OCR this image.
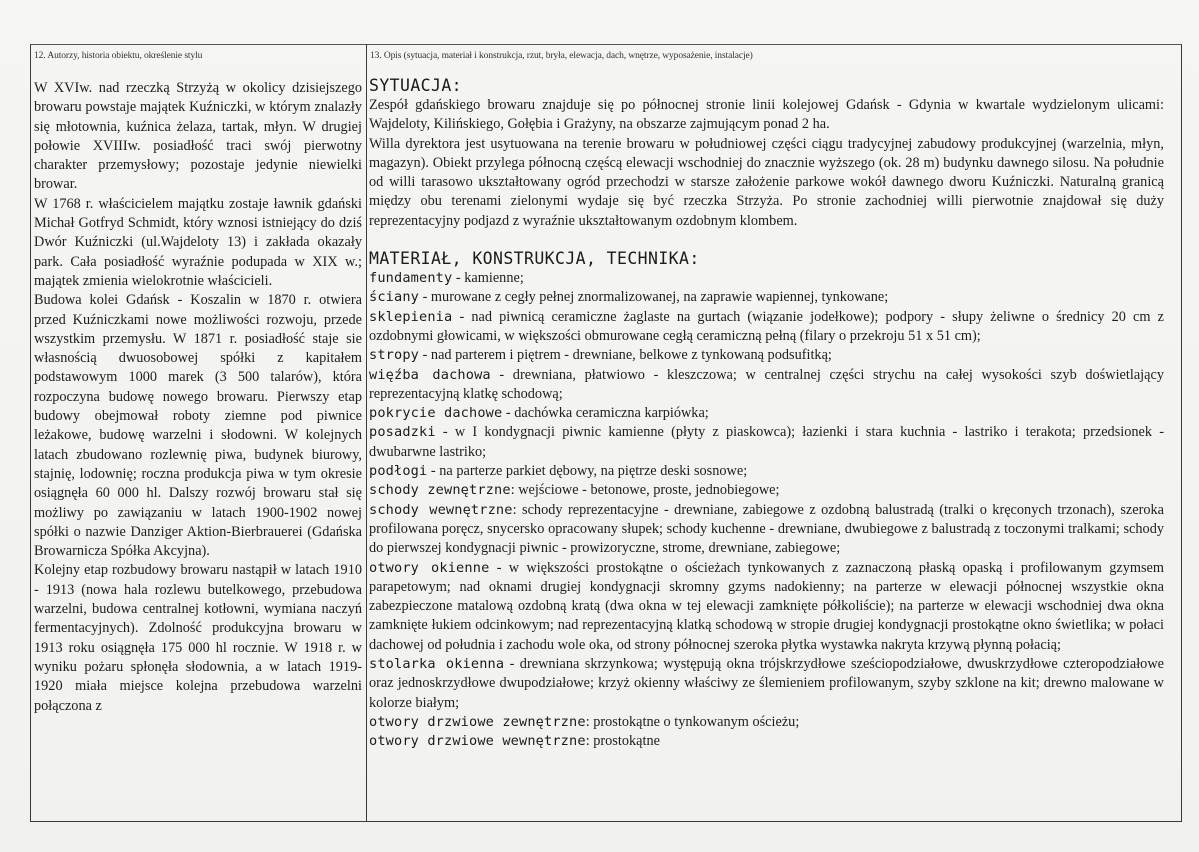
12. Autorzy, historia obiektu, określenie stylu	13. Opis (sytuacja, materiał i konstrukcja, rzut, bryła, elewacja, dach, wnętrze, wyposażenie, instalacje)

W XVIw. nad rzeczką Strzyżą w okolicy dzisiejszego browaru powstaje majątek Kuźniczki, w którym znalazły się młotownia, kuźnica żelaza, tartak, młyn. W drugiej połowie XVIIIw. posiadłość traci swój pierwotny charakter przemysłowy; pozostaje jedynie niewielki browar.

W 1768 r. właścicielem majątku zostaje ławnik gdański Michał Gotfryd Schmidt, który wznosi istniejący do dziś Dwór Kuźniczki (ul.Wajdeloty 13) i zakłada okazały park. Cała posiadłość wyraźnie podupada w XIX w.; majątek zmienia wielokrotnie właścicieli.

Budowa kolei Gdańsk - Koszalin w 1870 r. otwiera przed Kuźniczkami nowe możliwości rozwoju, przede wszystkim przemysłu. W 1871 r. posiadłość staje sie własnością dwuosobowej spółki z kapitałem podstawowym 1000 marek (3 500 talarów), która rozpoczyna budowę nowego browaru. Pierwszy etap budowy obejmował roboty ziemne pod piwnice leżakowe, budowę warzelni i słodowni. W kolejnych latach zbudowano rozlewnię piwa, budynek biurowy, stajnię, lodownię; roczna produkcja piwa w tym okresie osiągnęła 60 000 hl. Dalszy rozwój browaru stał się możliwy po zawiązaniu w latach 1900-1902 nowej spółki o nazwie Danziger Aktion-Bierbrauerei (Gdańska Browarnicza Spółka Akcyjna).

Kolejny etap rozbudowy browaru nastąpił w latach 1910 - 1913 (nowa hala rozlewu butelkowego, przebudowa warzelni, budowa centralnej kotłowni, wymiana naczyń fermentacyjnych). Zdolność produkcyjna browaru w 1913 roku osiągnęła 175 000 hl rocznie. W 1918 r. w wyniku pożaru spłonęła słodownia, a w latach 1919-1920 miała miejsce kolejna przebudowa warzelni połączona z

SYTUACJA:

Zespół gdańskiego browaru znajduje się po północnej stronie linii kolejowej Gdańsk - Gdynia w kwartale wydzielonym ulicami: Wajdeloty, Kilińskiego, Gołębia i Grażyny, na obszarze zajmującym ponad 2 ha.

Willa dyrektora jest usytuowana na terenie browaru w południowej części ciągu tradycyjnej zabudowy produkcyjnej (warzelnia, młyn, magazyn). Obiekt przylega północną częścą elewacji wschodniej do znacznie wyższego (ok. 28 m) budynku dawnego silosu. Na południe od willi tarasowo ukształtowany ogród przechodzi w starsze założenie parkowe wokół dawnego dworu Kuźniczki. Naturalną granicą między obu terenami zielonymi wydaje się być rzeczka Strzyża. Po stronie zachodniej willi pierwotnie znajdował się duży reprezentacyjny podjazd z wyraźnie ukształtowanym ozdobnym klombem.

MATERIAŁ, KONSTRUKCJA, TECHNIKA:

fundamenty - kamienne;

ściany - murowane z cegły pełnej znormalizowanej, na zaprawie wapiennej, tynkowane;

sklepienia - nad piwnicą ceramiczne żaglaste na gurtach (wiązanie jodełkowe); podpory - słupy żeliwne o średnicy 20 cm z ozdobnymi głowicami, w większości obmurowane cegłą ceramiczną pełną (filary o przekroju 51 x 51 cm);

stropy - nad parterem i piętrem - drewniane, belkowe z tynkowaną podsufitką;

więźba dachowa - drewniana, płatwiowo - kleszczowa; w centralnej części strychu na całej wysokości szyb doświetlający reprezentacyjną klatkę schodową;

pokrycie dachowe - dachówka ceramiczna karpiówka;

posadzki - w I kondygnacji piwnic kamienne (płyty z piaskowca); łazienki i stara kuchnia - lastriko i terakota; przedsionek - dwubarwne lastriko;

podłogi - na parterze parkiet dębowy, na piętrze deski sosnowe;

schody zewnętrzne: wejściowe - betonowe, proste, jednobiegowe;

schody wewnętrzne: schody reprezentacyjne - drewniane, zabiegowe z ozdobną balustradą (tralki o kręconych trzonach), szeroka profilowana poręcz, snycersko opracowany słupek; schody kuchenne - drewniane, dwubiegowe z balustradą z toczonymi tralkami; schody do pierwszej kondygnacji piwnic - prowizoryczne, strome, drewniane, zabiegowe;

otwory okienne - w większości prostokątne o ościeżach tynkowanych z zaznaczoną płaską opaską i profilowanym gzymsem parapetowym; nad oknami drugiej kondygnacji skromny gzyms nadokienny; na parterze w elewacji północnej wszystkie okna zabezpieczone matalową ozdobną kratą (dwa okna w tej elewacji zamknięte półkoliście); na parterze w elewacji wschodniej dwa okna zamknięte łukiem odcinkowym; nad reprezentacyjną klatką schodową w stropie drugiej kondygnacji prostokątne okno świetlika; w połaci dachowej od południa i zachodu wole oka, od strony północnej szeroka płytka wystawka nakryta krzywą płynną połacią;

stolarka okienna - drewniana skrzynkowa; występują okna trójskrzydłowe sześciopodziałowe, dwuskrzydłowe czteropodziałowe oraz jednoskrzydłowe dwupodziałowe; krzyż okienny właściwy ze ślemieniem profilowanym, szyby szklone na kit; drewno malowane w kolorze białym;

otwory drzwiowe zewnętrzne: prostokątne o tynkowanym ościeżu;

otwory drzwiowe wewnętrzne: prostokątne
